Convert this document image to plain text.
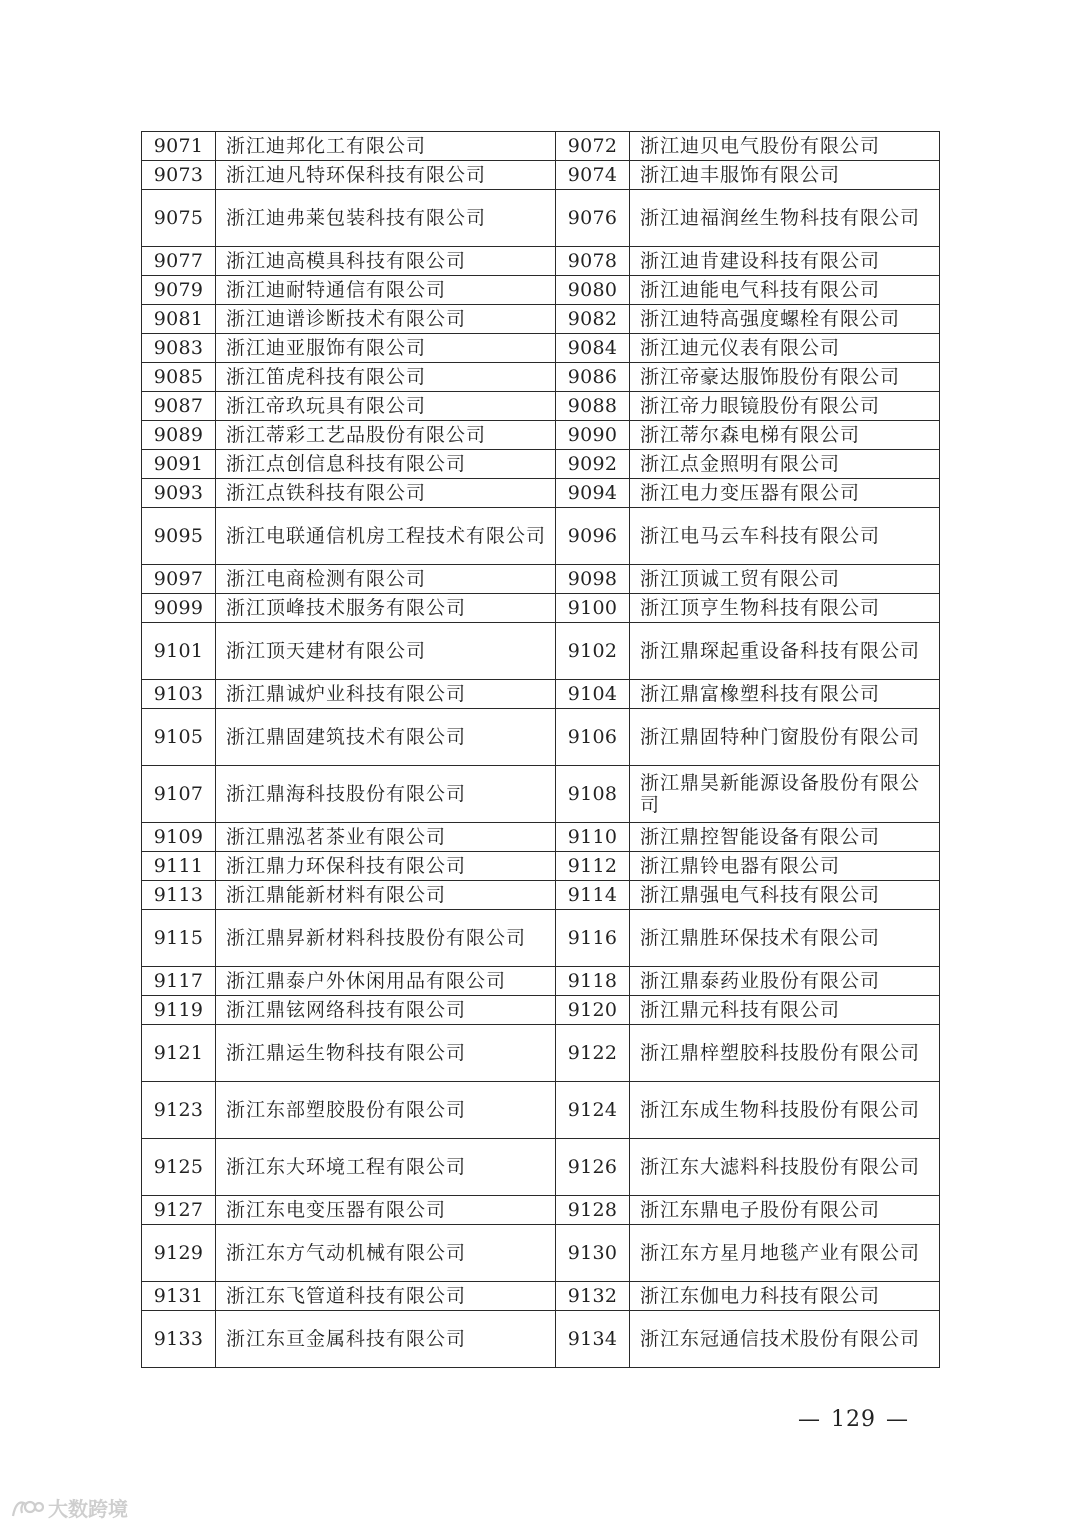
9071	浙江迪邦化工有限公司	9072	浙江迪贝电气股份有限公司
9073	浙江迪凡特环保科技有限公司	9074	浙江迪丰服饰有限公司
9075	浙江迪弗莱包装科技有限公司	9076	浙江迪福润丝生物科技有限公司
9077	浙江迪高模具科技有限公司	9078	浙江迪肯建设科技有限公司
9079	浙江迪耐特通信有限公司	9080	浙江迪能电气科技有限公司
9081	浙江迪谱诊断技术有限公司	9082	浙江迪特高强度螺栓有限公司
9083	浙江迪亚服饰有限公司	9084	浙江迪元仪表有限公司
9085	浙江笛虎科技有限公司	9086	浙江帝豪达服饰股份有限公司
9087	浙江帝玖玩具有限公司	9088	浙江帝力眼镜股份有限公司
9089	浙江蒂彩工艺品股份有限公司	9090	浙江蒂尔森电梯有限公司
9091	浙江点创信息科技有限公司	9092	浙江点金照明有限公司
9093	浙江点铁科技有限公司	9094	浙江电力变压器有限公司
9095	浙江电联通信机房工程技术有限公司	9096	浙江电马云车科技有限公司
9097	浙江电商检测有限公司	9098	浙江顶诚工贸有限公司
9099	浙江顶峰技术服务有限公司	9100	浙江顶亨生物科技有限公司
9101	浙江顶天建材有限公司	9102	浙江鼎琛起重设备科技有限公司
9103	浙江鼎诚炉业科技有限公司	9104	浙江鼎富橡塑科技有限公司
9105	浙江鼎固建筑技术有限公司	9106	浙江鼎固特种门窗股份有限公司
9107	浙江鼎海科技股份有限公司	9108	浙江鼎昊新能源设备股份有限公司
9109	浙江鼎泓茗茶业有限公司	9110	浙江鼎控智能设备有限公司
9111	浙江鼎力环保科技有限公司	9112	浙江鼎铃电器有限公司
9113	浙江鼎能新材料有限公司	9114	浙江鼎强电气科技有限公司
9115	浙江鼎昇新材料科技股份有限公司	9116	浙江鼎胜环保技术有限公司
9117	浙江鼎泰户外休闲用品有限公司	9118	浙江鼎泰药业股份有限公司
9119	浙江鼎铉网络科技有限公司	9120	浙江鼎元科技有限公司
9121	浙江鼎运生物科技有限公司	9122	浙江鼎梓塑胶科技股份有限公司
9123	浙江东部塑胶股份有限公司	9124	浙江东成生物科技股份有限公司
9125	浙江东大环境工程有限公司	9126	浙江东大滤料科技股份有限公司
9127	浙江东电变压器有限公司	9128	浙江东鼎电子股份有限公司
9129	浙江东方气动机械有限公司	9130	浙江东方星月地毯产业有限公司
9131	浙江东飞管道科技有限公司	9132	浙江东伽电力科技有限公司
9133	浙江东亘金属科技有限公司	9134	浙江东冠通信技术股份有限公司
— 129 —
大数跨境
